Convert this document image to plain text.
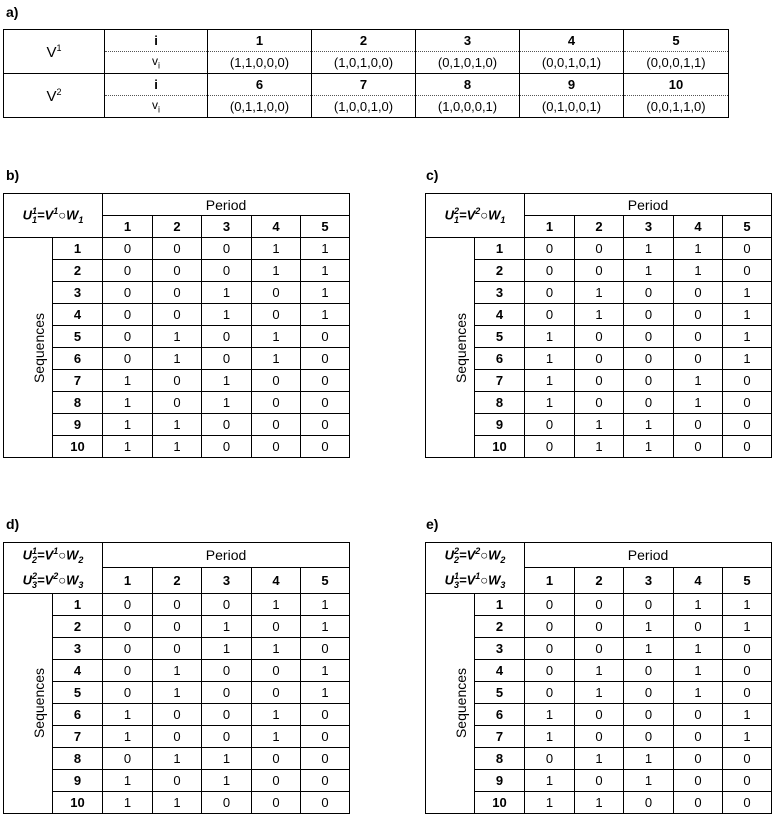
a)
b)	c)
d)	e)
$V^1$	i	1	2	3	4	5
	$v_i$	(1,1,0,0,0)	(1,0,1,0,0)	(0,1,0,1,0)	(0,0,1,0,1)	(0,0,0,1,1)
$V^2$	i	6	7	8	9	10
	$v_i$	(0,1,1,0,0)	(1,0,0,1,0)	(1,0,0,0,1)	(0,1,0,0,1)	(0,0,1,1,0)
$U_1^1=V^1○W_1$		Period				
		1	2	3	4	5
Sequences	1	0	0	0	1	1
	2	0	0	0	1	1
	3	0	0	1	0	1
	4	0	0	1	0	1
	5	0	1	0	1	0
	6	0	1	0	1	0
	7	1	0	1	0	0
	8	1	0	1	0	0
	9	1	1	0	0	0
	10	1	1	0	0	0
$U_1^2=V^2○W_1$		Period				
		1	2	3	4	5
Sequences	1	0	0	1	1	0
	2	0	0	1	1	0
	3	0	1	0	0	1
	4	0	1	0	0	1
	5	1	0	0	0	1
	6	1	0	0	0	1
	7	1	0	0	1	0
	8	1	0	0	1	0
	9	0	1	1	0	0
	10	0	1	1	0	0
$U_2^1=V^1○W_2$
$U_3^2=V^2○W_3$		Period				
		1	2	3	4	5
Sequences	1	0	0	0	1	1
	2	0	0	1	0	1
	3	0	0	1	1	0
	4	0	1	0	0	1
	5	0	1	0	0	1
	6	1	0	0	1	0
	7	1	0	0	1	0
	8	0	1	1	0	0
	9	1	0	1	0	0
	10	1	1	0	0	0
$U_2^2=V^2○W_2$
$U_3^1=V^1○W_3$		Period				
		1	2	3	4	5
Sequences	1	0	0	0	1	1
	2	0	0	1	0	1
	3	0	0	1	1	0
	4	0	1	0	1	0
	5	0	1	0	1	0
	6	1	0	0	0	1
	7	1	0	0	0	1
	8	0	1	1	0	0
	9	1	0	1	0	0
	10	1	1	0	0	0
